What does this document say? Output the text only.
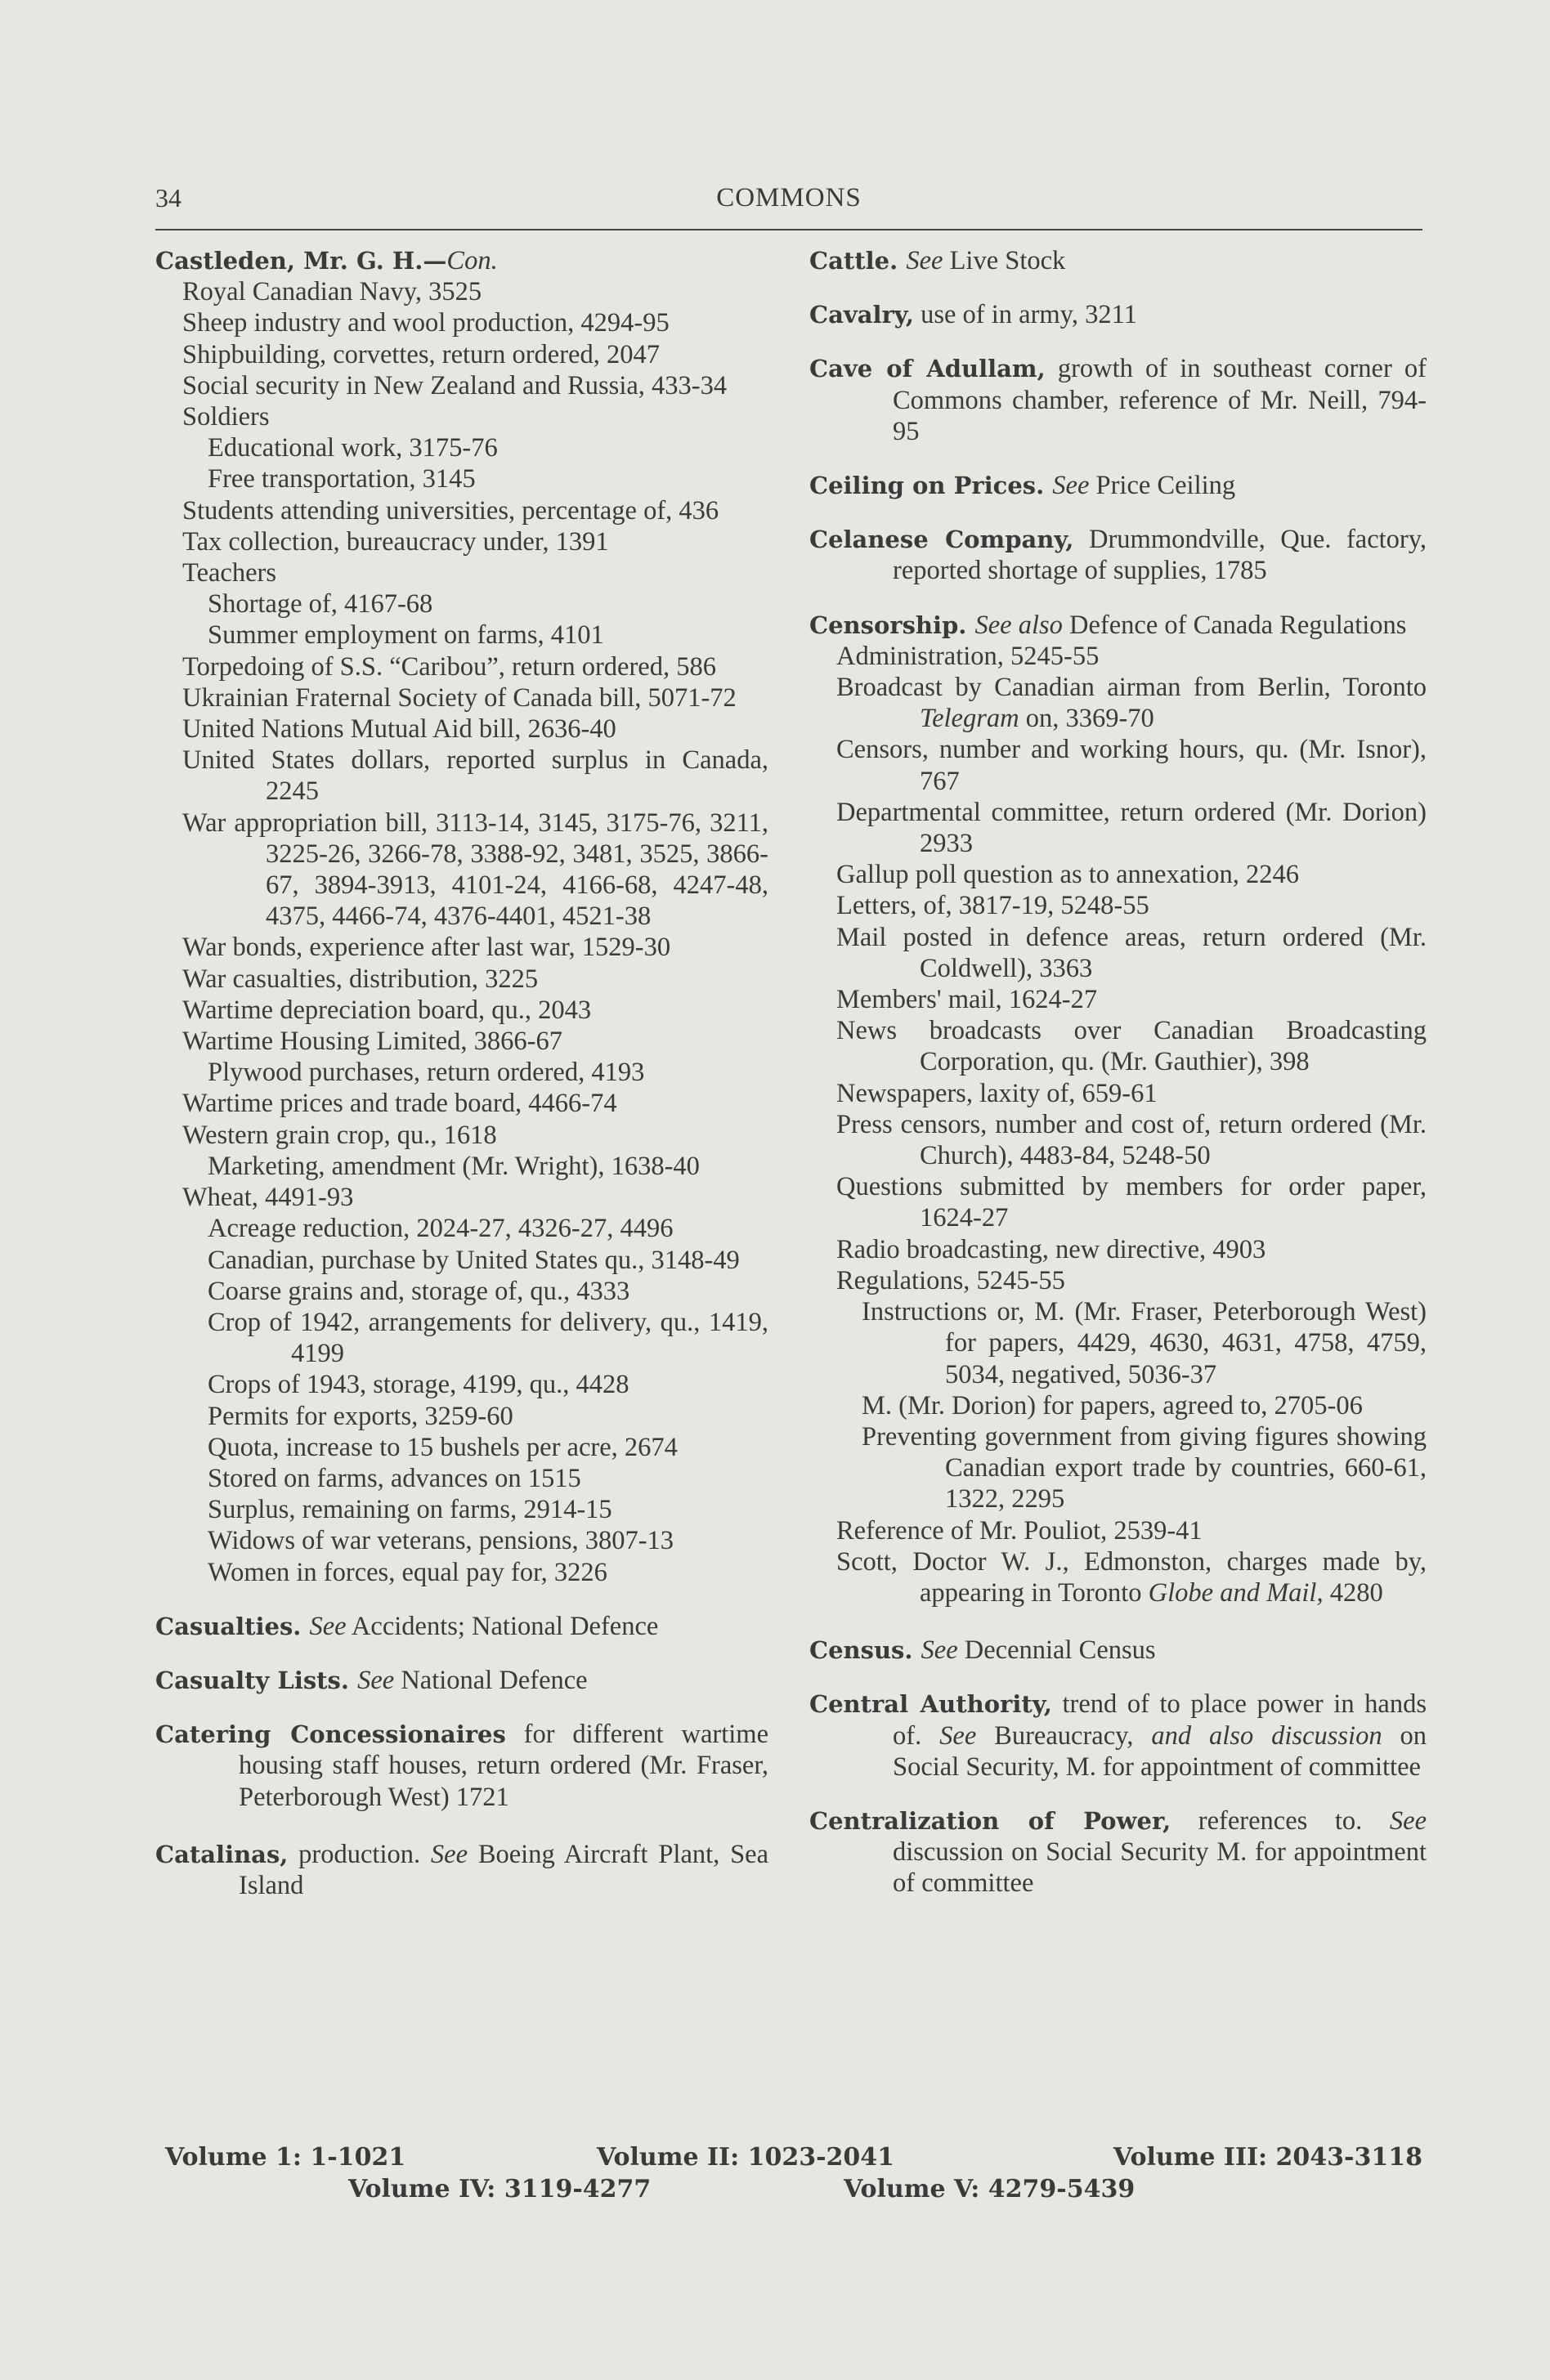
34	COMMONS
Castleden, Mr. G. H.—Con.
Royal Canadian Navy, 3525
Sheep industry and wool production, 4294-95
Shipbuilding, corvettes, return ordered, 2047
Social security in New Zealand and Russia, 433-34
Soldiers
Educational work, 3175-76
Free transportation, 3145
Students attending universities, percentage of, 436
Tax collection, bureaucracy under, 1391
Teachers
Shortage of, 4167-68
Summer employment on farms, 4101
Torpedoing of S.S. “Caribou”, return ordered, 586
Ukrainian Fraternal Society of Canada bill, 5071-72
United Nations Mutual Aid bill, 2636-40
United States dollars, reported surplus in Canada, 2245
War appropriation bill, 3113-14, 3145, 3175-76, 3211, 3225-26, 3266-78, 3388-92, 3481, 3525, 3866-67, 3894-3913, 4101-24, 4166-68, 4247-48, 4375, 4466-74, 4376-4401, 4521-38
War bonds, experience after last war, 1529-30
War casualties, distribution, 3225
Wartime depreciation board, qu., 2043
Wartime Housing Limited, 3866-67
Plywood purchases, return ordered, 4193
Wartime prices and trade board, 4466-74
Western grain crop, qu., 1618
Marketing, amendment (Mr. Wright), 1638-40
Wheat, 4491-93
Acreage reduction, 2024-27, 4326-27, 4496
Canadian, purchase by United States qu., 3148-49
Coarse grains and, storage of, qu., 4333
Crop of 1942, arrangements for delivery, qu., 1419, 4199
Crops of 1943, storage, 4199, qu., 4428
Permits for exports, 3259-60
Quota, increase to 15 bushels per acre, 2674
Stored on farms, advances on 1515
Surplus, remaining on farms, 2914-15
Widows of war veterans, pensions, 3807-13
Women in forces, equal pay for, 3226
Casualties. See Accidents; National Defence
Casualty Lists. See National Defence
Catering Concessionaires for different wartime housing staff houses, return ordered (Mr. Fraser, Peterborough West) 1721
Catalinas, production. See Boeing Aircraft Plant, Sea Island
Cattle. See Live Stock
Cavalry, use of in army, 3211
Cave of Adullam, growth of in southeast corner of Commons chamber, reference of Mr. Neill, 794-95
Ceiling on Prices. See Price Ceiling
Celanese Company, Drummondville, Que. factory, reported shortage of supplies, 1785
Censorship. See also Defence of Canada Regulations
Administration, 5245-55
Broadcast by Canadian airman from Berlin, Toronto Telegram on, 3369-70
Censors, number and working hours, qu. (Mr. Isnor), 767
Departmental committee, return ordered (Mr. Dorion) 2933
Gallup poll question as to annexation, 2246
Letters, of, 3817-19, 5248-55
Mail posted in defence areas, return ordered (Mr. Coldwell), 3363
Members' mail, 1624-27
News broadcasts over Canadian Broadcasting Corporation, qu. (Mr. Gauthier), 398
Newspapers, laxity of, 659-61
Press censors, number and cost of, return ordered (Mr. Church), 4483-84, 5248-50
Questions submitted by members for order paper, 1624-27
Radio broadcasting, new directive, 4903
Regulations, 5245-55
Instructions or, M. (Mr. Fraser, Peterborough West) for papers, 4429, 4630, 4631, 4758, 4759, 5034, negatived, 5036-37
M. (Mr. Dorion) for papers, agreed to, 2705-06
Preventing government from giving figures showing Canadian export trade by countries, 660-61, 1322, 2295
Reference of Mr. Pouliot, 2539-41
Scott, Doctor W. J., Edmonston, charges made by, appearing in Toronto Globe and Mail, 4280
Census. See Decennial Census
Central Authority, trend of to place power in hands of. See Bureaucracy, and also discussion on Social Security, M. for appointment of committee
Centralization of Power, references to. See discussion on Social Security M. for appointment of committee
Volume 1: 1-1021	Volume II: 1023-2041	Volume III: 2043-3118
Volume IV: 3119-4277	Volume V: 4279-5439
